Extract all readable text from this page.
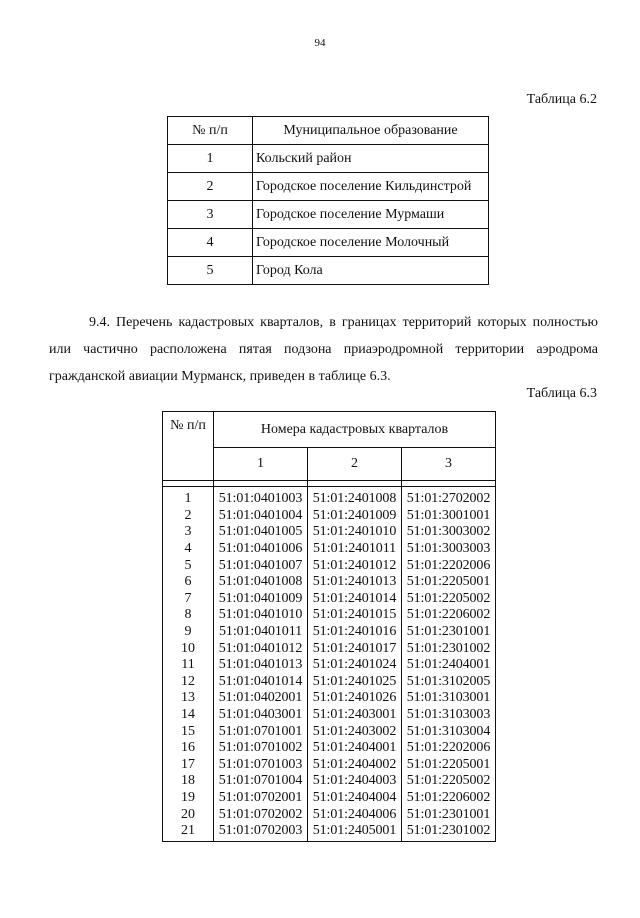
94
Таблица 6.2
№ п/п	Муниципальное образование
1	Кольский район
2	Городское поселение Кильдинстрой
3	Городское поселение Мурмаши
4	Городское поселение Молочный
5	Город Кола
9.4. Перечень кадастровых кварталов, в границах территорий которых полностью или частично расположена пятая подзона приаэродромной территории аэродрома гражданской авиации Мурманск, приведен в таблице 6.3.
Таблица 6.3
№ п/п	Номера кадастровых кварталов		
	1	2	3

1	51:01:0401003	51:01:2401008	51:01:2702002
2	51:01:0401004	51:01:2401009	51:01:3001001
3	51:01:0401005	51:01:2401010	51:01:3003002
4	51:01:0401006	51:01:2401011	51:01:3003003
5	51:01:0401007	51:01:2401012	51:01:2202006
6	51:01:0401008	51:01:2401013	51:01:2205001
7	51:01:0401009	51:01:2401014	51:01:2205002
8	51:01:0401010	51:01:2401015	51:01:2206002
9	51:01:0401011	51:01:2401016	51:01:2301001
10	51:01:0401012	51:01:2401017	51:01:2301002
11	51:01:0401013	51:01:2401024	51:01:2404001
12	51:01:0401014	51:01:2401025	51:01:3102005
13	51:01:0402001	51:01:2401026	51:01:3103001
14	51:01:0403001	51:01:2403001	51:01:3103003
15	51:01:0701001	51:01:2403002	51:01:3103004
16	51:01:0701002	51:01:2404001	51:01:2202006
17	51:01:0701003	51:01:2404002	51:01:2205001
18	51:01:0701004	51:01:2404003	51:01:2205002
19	51:01:0702001	51:01:2404004	51:01:2206002
20	51:01:0702002	51:01:2404006	51:01:2301001
21	51:01:0702003	51:01:2405001	51:01:2301002
